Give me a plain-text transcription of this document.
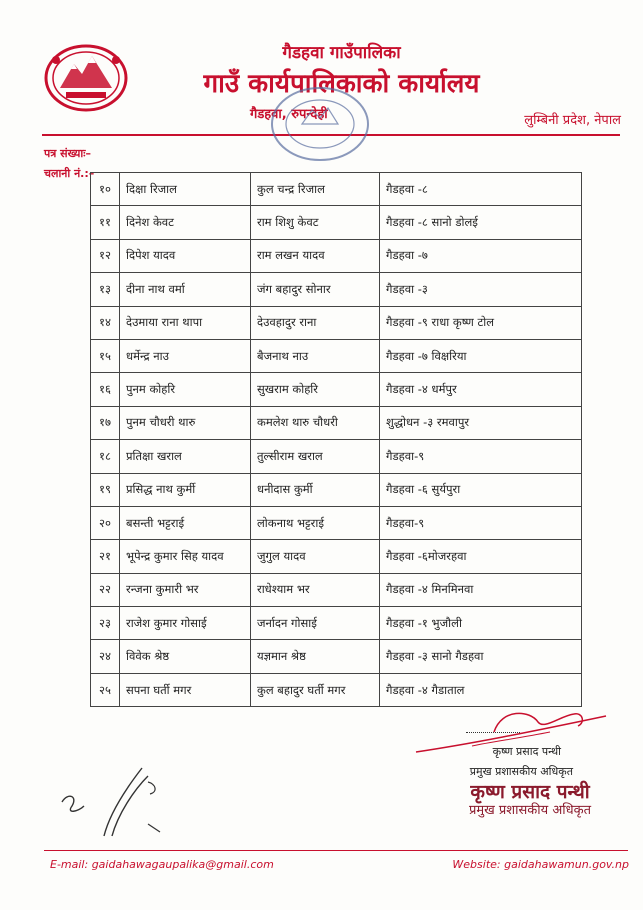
गैडहवा गाउँपालिका
गाउँ कार्यपालिकाको कार्यालय
गैडहवा, रुपन्देही	लुम्बिनी प्रदेश, नेपाल
पत्र संख्याः–
चलानी नं.:–
१०	दिक्षा रिजाल	कुल चन्द्र रिजाल	गैडहवा -८
११	दिनेश केवट	राम शिशु केवट	गैडहवा -८ सानो डोलई
१२	दिपेश यादव	राम लखन यादव	गैडहवा -७
१३	दीना नाथ वर्मा	जंग बहादुर सोनार	गैडहवा -३
१४	देउमाया राना थापा	देउवहादुर राना	गैडहवा -९ राधा कृष्ण टोल
१५	धर्मेन्द्र नाउ	बैजनाथ नाउ	गैडहवा -७ विक्षरिया
१६	पुनम कोहरि	सुखराम कोहरि	गैडहवा -४ धर्मपुर
१७	पुनम चौधरी थारु	कमलेश थारु चौधरी	शुद्धोधन -३ रमवापुर
१८	प्रतिक्षा खराल	तुल्सीराम खराल	गैडहवा-९
१९	प्रसिद्ध नाथ कुर्मी	धनीदास कुर्मी	गैडहवा -६ सुर्यपुरा
२०	बसन्ती भट्टराई	लोकनाथ भट्टराई	गैडहवा-९
२१	भूपेन्द्र कुमार सिह यादव	जुगुल यादव	गैडहवा -६मोजरहवा
२२	रन्जना कुमारी भर	राधेश्याम भर	गैडहवा -४ मिनमिनवा
२३	राजेश कुमार गोसाई	जर्नादन गोसाई	गैडहवा -१ भुजौली
२४	विवेक श्रेष्ठ	यज्ञमान श्रेष्ठ	गैडहवा -३ सानो गैडहवा
२५	सपना घर्ती मगर	कुल बहादुर घर्ती मगर	गैडहवा -४ गैडाताल
कृष्ण प्रसाद पन्थी
प्रमुख प्रशासकीय अधिकृत
कृष्ण प्रसाद पन्थी
प्रमुख प्रशासकीय अधिकृत
E-mail: gaidahawagaupalika@gmail.com	Website: gaidahawamun.gov.np
